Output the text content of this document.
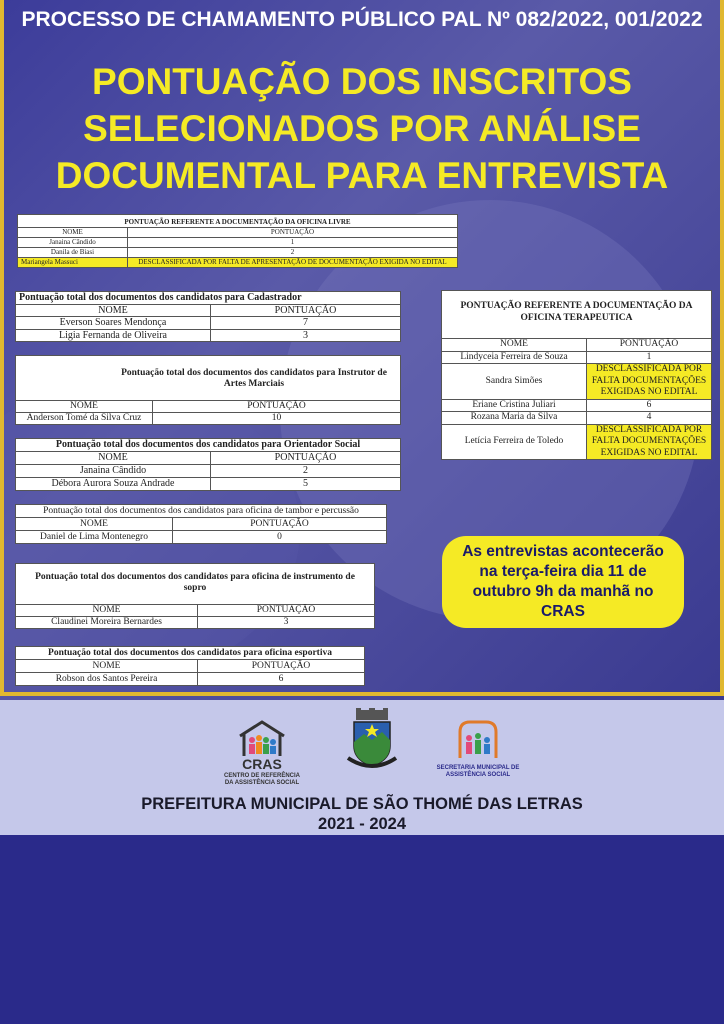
PROCESSO DE CHAMAMENTO PÚBLICO PAL Nº 082/2022, 001/2022
PONTUAÇÃO DOS INSCRITOS
SELECIONADOS POR ANÁLISE
DOCUMENTAL PARA ENTREVISTA
PONTUAÇÃO REFERENTE A DOCUMENTAÇÃO DA OFICINA LIVRE	
NOME	PONTUAÇÃO
Janaina Cândido	1
Danila de Biasi	2
Mariangela Massuci	DESCLASSIFICADA POR FALTA DE APRESENTAÇÃO DE DOCUMENTAÇÃO EXIGIDA NO EDITAL
Pontuação total dos documentos dos candidatos para Cadastrador	
NOME	PONTUAÇÃO
Everson Soares Mendonça	7
Ligia Fernanda de Oliveira	3
Pontuação total dos documentos dos candidatos para Instrutor de Artes Marciais	
NOME	PONTUAÇÃO
Anderson Tomé da Silva Cruz	10
Pontuação total dos documentos dos candidatos para Orientador Social	
NOME	PONTUAÇÃO
Janaina Cândido	2
Débora Aurora Souza Andrade	5
Pontuação total dos documentos dos candidatos para oficina de tambor e percussão	
NOME	PONTUAÇÃO
Daniel de Lima Montenegro	0
Pontuação total dos documentos dos candidatos para oficina de instrumento de sopro	
NOME	PONTUAÇÃO
Claudinei Moreira Bernardes	3
Pontuação total dos documentos dos candidatos para oficina esportiva	
NOME	PONTUAÇÃO
Robson dos Santos Pereira	6
PONTUAÇÃO REFERENTE A DOCUMENTAÇÃO DA OFICINA TERAPEUTICA	
NOME	PONTUAÇÃO
Lindyceia Ferreira de Souza	1
Sandra Simões	DESCLASSIFICADA POR FALTA DOCUMENTAÇÕES EXIGIDAS NO EDITAL
Eriane Cristina Juliari	6
Rozana Maria da Silva	4
Letícia Ferreira de Toledo	DESCLASSIFICADA POR FALTA DOCUMENTAÇÕES EXIGIDAS NO EDITAL
As entrevistas acontecerão
na terça-feira dia 11 de
outubro 9h da manhã no
CRAS
CRAS
CENTRO DE REFERÊNCIA
DA ASSISTÊNCIA SOCIAL
SECRETARIA MUNICIPAL DE
ASSISTÊNCIA SOCIAL
PREFEITURA MUNICIPAL DE SÃO THOMÉ DAS LETRAS
2021 - 2024
